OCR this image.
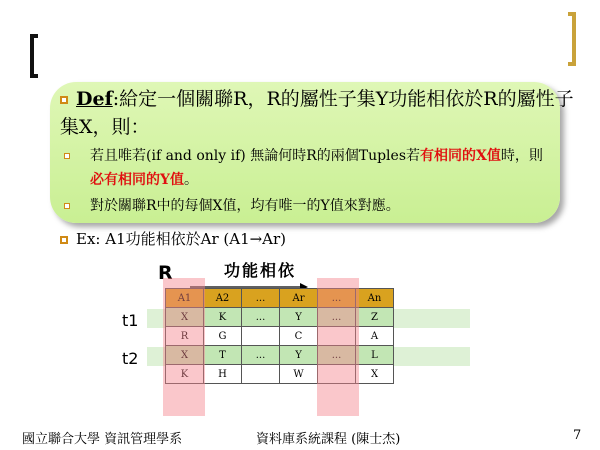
Def:給定一個關聯R，R的屬性子集Y功能相依於R的屬性子
集X，則：
若且唯若(if and only if) 無論何時R的兩個Tuples若有相同的X值時，則
必有相同的Y值。
對於關聯R中的每個X值，均有唯一的Y值來對應。
Ex: A1功能相依於Ar (A1→Ar)
R	功能相依
A1	A2	...	Ar	...	An
X	K	...	Y	...	Z
R	G		C		A
X	T	...	Y	...	L
K	H		W		X
t1
t2
國立聯合大學 資訊管理學系	資料庫系統課程 (陳士杰)	7
